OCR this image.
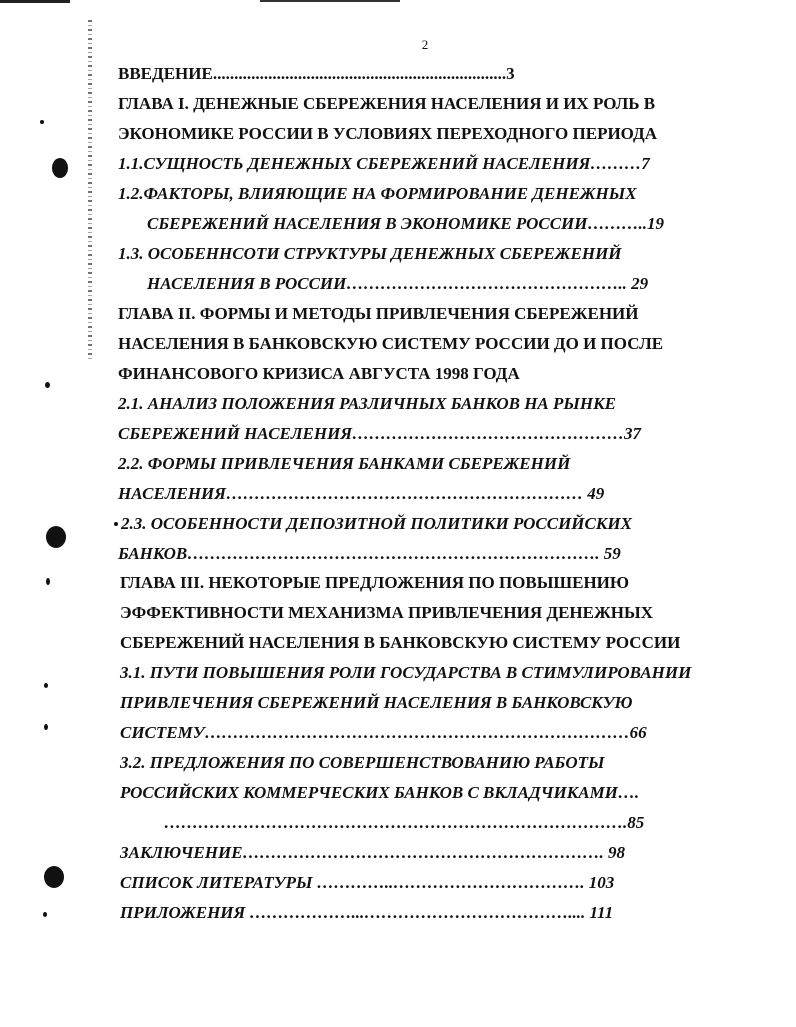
2
ВВЕДЕНИЕ.....................................................................3
ГЛАВА I. ДЕНЕЖНЫЕ СБЕРЕЖЕНИЯ НАСЕЛЕНИЯ И ИХ РОЛЬ В
ЭКОНОМИКЕ РОССИИ В УСЛОВИЯХ ПЕРЕХОДНОГО ПЕРИОДА
1.1.СУЩНОСТЬ ДЕНЕЖНЫХ СБЕРЕЖЕНИЙ НАСЕЛЕНИЯ………7
1.2.ФАКТОРЫ, ВЛИЯЮЩИЕ НА ФОРМИРОВАНИЕ ДЕНЕЖНЫХ
СБЕРЕЖЕНИЙ НАСЕЛЕНИЯ В ЭКОНОМИКЕ РОССИИ………..19
1.3. ОСОБЕННСОТИ СТРУКТУРЫ ДЕНЕЖНЫХ СБЕРЕЖЕНИЙ
НАСЕЛЕНИЯ В РОССИИ………………………………………….. 29
ГЛАВА II. ФОРМЫ И МЕТОДЫ ПРИВЛЕЧЕНИЯ СБЕРЕЖЕНИЙ
НАСЕЛЕНИЯ В БАНКОВСКУЮ СИСТЕМУ РОССИИ ДО И ПОСЛЕ
ФИНАНСОВОГО КРИЗИСА АВГУСТА 1998 ГОДА
2.1. АНАЛИЗ ПОЛОЖЕНИЯ РАЗЛИЧНЫХ БАНКОВ НА РЫНКЕ
СБЕРЕЖЕНИЙ НАСЕЛЕНИЯ…………………………………………37
2.2. ФОРМЫ ПРИВЛЕЧЕНИЯ БАНКАМИ СБЕРЕЖЕНИЙ
НАСЕЛЕНИЯ……………………………………………………… 49
2.3. ОСОБЕННОСТИ ДЕПОЗИТНОЙ ПОЛИТИКИ РОССИЙСКИХ
БАНКОВ………………………………………………………………. 59
ГЛАВА III. НЕКОТОРЫЕ ПРЕДЛОЖЕНИЯ ПО ПОВЫШЕНИЮ
ЭФФЕКТИВНОСТИ МЕХАНИЗМА ПРИВЛЕЧЕНИЯ ДЕНЕЖНЫХ
СБЕРЕЖЕНИЙ НАСЕЛЕНИЯ В БАНКОВСКУЮ СИСТЕМУ РОССИИ
3.1. ПУТИ ПОВЫШЕНИЯ РОЛИ ГОСУДАРСТВА В СТИМУЛИРОВАНИИ
ПРИВЛЕЧЕНИЯ СБЕРЕЖЕНИЙ НАСЕЛЕНИЯ В БАНКОВСКУЮ
СИСТЕМУ…………………………………………………………………66
3.2. ПРЕДЛОЖЕНИЯ ПО СОВЕРШЕНСТВОВАНИЮ РАБОТЫ
РОССИЙСКИХ КОММЕРЧЕСКИХ БАНКОВ С ВКЛАДЧИКАМИ….
……………………………………………………………………….85
ЗАКЛЮЧЕНИЕ………………………………………………………. 98
СПИСОК ЛИТЕРАТУРЫ …………..……………………………. 103
ПРИЛОЖЕНИЯ ………………...……………………………….... 111
